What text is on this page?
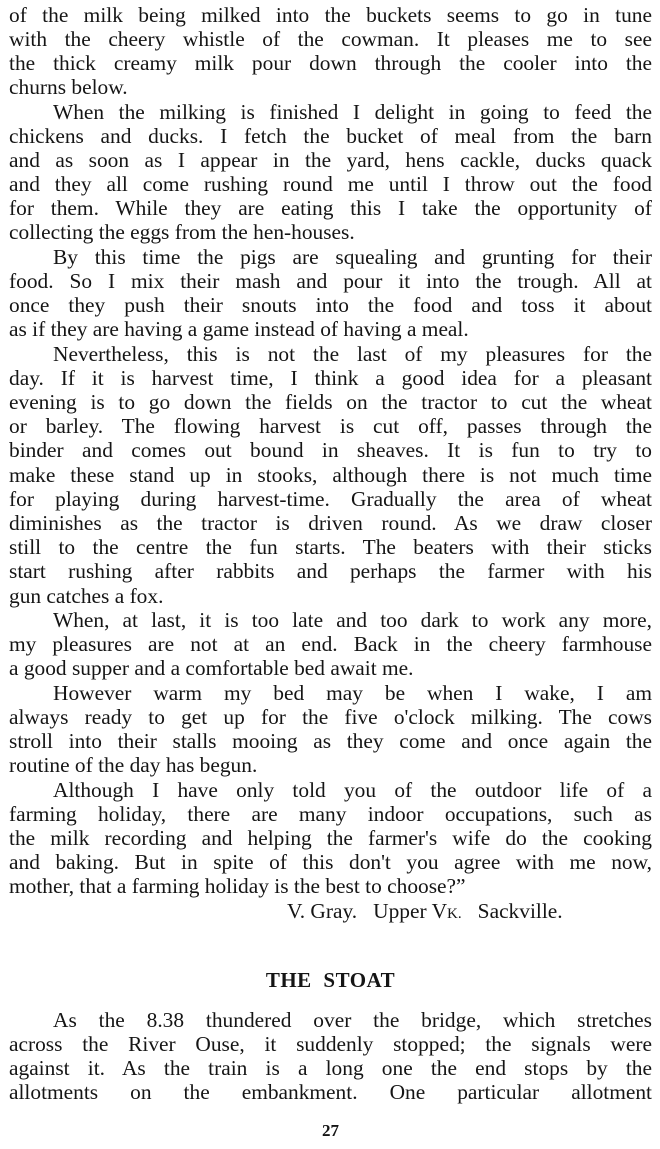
of the milk being milked into the buckets seems to go in tune
with the cheery whistle of the cowman. It pleases me to see
the thick creamy milk pour down through the cooler into the
churns below.
When the milking is finished I delight in going to feed the
chickens and ducks. I fetch the bucket of meal from the barn
and as soon as I appear in the yard, hens cackle, ducks quack
and they all come rushing round me until I throw out the food
for them. While they are eating this I take the opportunity of
collecting the eggs from the hen-houses.
By this time the pigs are squealing and grunting for their
food. So I mix their mash and pour it into the trough. All at
once they push their snouts into the food and toss it about
as if they are having a game instead of having a meal.
Nevertheless, this is not the last of my pleasures for the
day. If it is harvest time, I think a good idea for a pleasant
evening is to go down the fields on the tractor to cut the wheat
or barley. The flowing harvest is cut off, passes through the
binder and comes out bound in sheaves. It is fun to try to
make these stand up in stooks, although there is not much time
for playing during harvest-time. Gradually the area of wheat
diminishes as the tractor is driven round. As we draw closer
still to the centre the fun starts. The beaters with their sticks
start rushing after rabbits and perhaps the farmer with his
gun catches a fox.
When, at last, it is too late and too dark to work any more,
my pleasures are not at an end. Back in the cheery farmhouse
a good supper and a comfortable bed await me.
However warm my bed may be when I wake, I am
always ready to get up for the five o'clock milking. The cows
stroll into their stalls mooing as they come and once again the
routine of the day has begun.
Although I have only told you of the outdoor life of a
farming holiday, there are many indoor occupations, such as
the milk recording and helping the farmer's wife do the cooking
and baking. But in spite of this don't you agree with me now,
mother, that a farming holiday is the best to choose?”
V. Gray. Upper VK. Sackville.
THE STOAT
As the 8.38 thundered over the bridge, which stretches
across the River Ouse, it suddenly stopped; the signals were
against it. As the train is a long one the end stops by the
allotments on the embankment. One particular allotment
27
